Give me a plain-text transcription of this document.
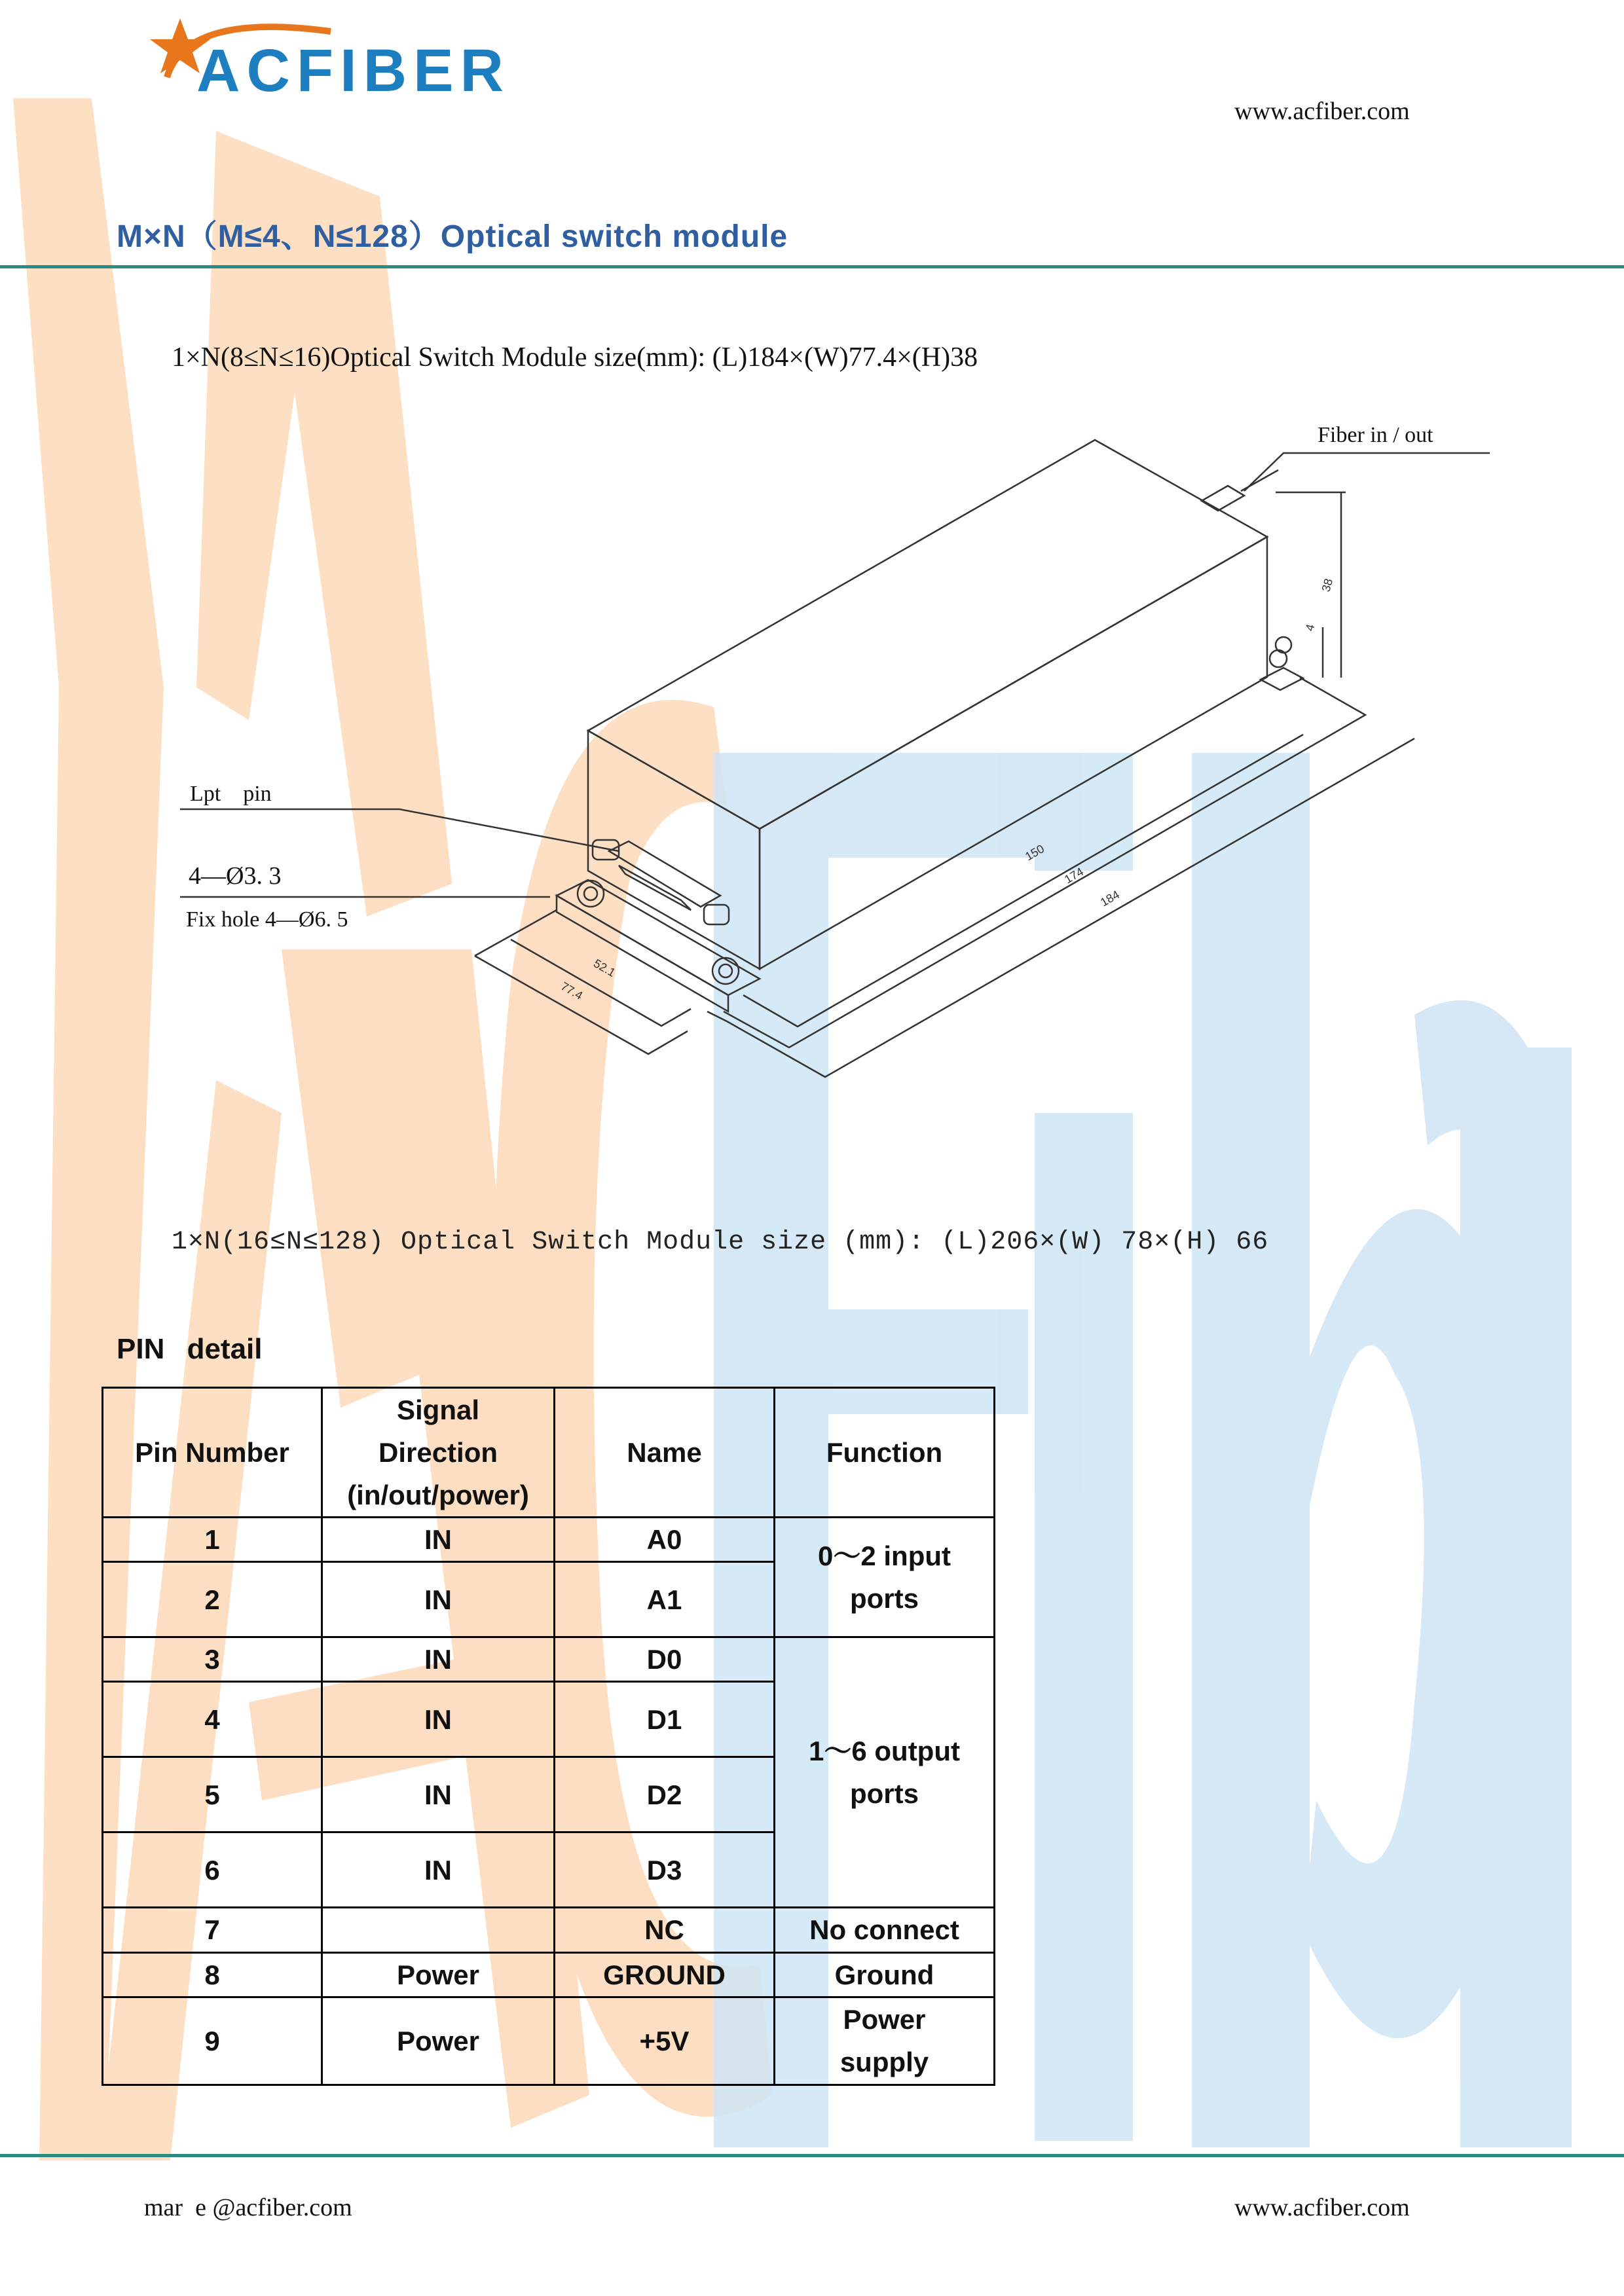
ACFIBER
www.acfiber.com
M×N（M≤4、N≤128）Optical switch module
1×N(8≤N≤16)Optical Switch Module size(mm): (L)184×(W)77.4×(H)38
150
174
184
38
4
52.1
77.4
Lpt    pin
4—Ø3. 3
Fix hole 4—Ø6. 5
Fiber in / out
1×N(16≤N≤128) Optical Switch Module size (mm): (L)206×(W) 78×(H) 66
PIN detail
Pin Number	Signal
Direction
(in/out/power)	Name	Function
1	IN	A0	0～2 input
ports

2	IN	A1	
3	IN	D0	1～6 output
ports

4	IN	D1	
5	IN	D2	
6	IN	D3	
7		NC	No connect
8	Power	GROUND	Ground
9	Power	+5V	Power
supply
mar  e @acfiber.com	www.acfiber.com
